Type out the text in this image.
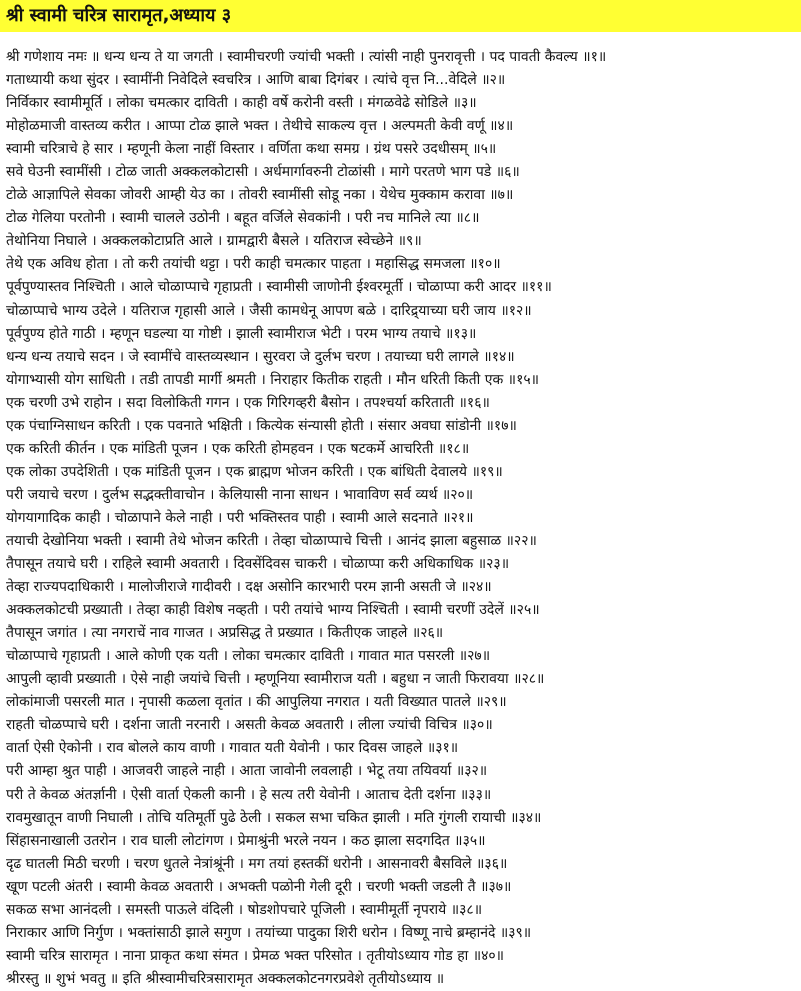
श्री स्वामी चरित्र सारामृत,अध्याय ३
श्री गणेशाय नमः ॥ धन्य धन्य ते या जगती । स्वामीचरणी ज्यांची भक्ती । त्यांसी नाही पुनरावृत्ती । पद पावती कैवल्य ॥१॥
गताध्यायी कथा सुंदर । स्वामींनी निवेदिले स्वचरित्र । आणि बाबा दिगंबर । त्यांचे वृत्त नि...वेदिले ॥२॥
निर्विकार स्वामीमूर्ति । लोका चमत्कार दाविती । काही वर्षे करोनी वस्ती । मंगळवेढे सोडिले ॥३॥
मोहोळमाजी वास्तव्य करीत । आप्पा टोळ झाले भक्त । तेथीचे साकल्य वृत्त । अल्पमती केवी वर्णू ॥४॥
स्वामी चरित्राचे हे सार । म्हणूनी केला नाहीं विस्तार । वर्णिता कथा समग्र । ग्रंथ पसरे उदधीसम् ॥५॥
सवे घेउनी स्वामींसी । टोळ जाती अक्कलकोटासी । अर्धमार्गावरुनी टोळांसी । मागे परतणे भाग पडे ॥६॥
टोळे आज्ञापिले सेवका जोवरी आम्ही येउ का । तोवरी स्वामींसी सोडू नका । येथेच मुक्काम करावा ॥७॥
टोळ गेलिया परतोनी । स्वामी चालले उठोनी । बहूत वर्जिले सेवकांनी । परी नच मानिले त्या ॥८॥
तेथोनिया निघाले । अक्कलकोटाप्रति आले । ग्रामद्वारी बैसले । यतिराज स्वेच्छेने ॥९॥
तेथे एक अविध होता । तो करी तयांची थट्टा । परी काही चमत्कार पाहता । महासिद्ध समजला ॥१०॥
पूर्वपुण्यास्तव निश्चिती । आले चोळाप्पाचे गृहाप्रती । स्वामीसी जाणोनी ईश्वरमूर्ती । चोळाप्पा करी आदर ॥११॥
चोळाप्पाचे भाग्य उदेले । यतिराज गृहासी आले । जैसी कामधेनू आपण बळे । दारिद्र्याच्या घरी जाय ॥१२॥
पूर्वपुण्य होते गाठी । म्हणून घडल्या या गोष्टी । झाली स्वामीराज भेटी । परम भाग्य तयाचे ॥१३॥
धन्य धन्य तयाचे सदन । जे स्वामींचे वास्तव्यस्थान । सुरवरा जे दुर्लभ चरण । तयाच्या घरी लागले ॥१४॥
योगाभ्यासी योग साधिती । तडी तापडी मार्गी श्रमती । निराहार कितीक राहती । मौन धरिती किती एक ॥१५॥
एक चरणी उभे राहोन । सदा विलोकिती गगन । एक गिरिगव्हरी बैसोन । तपश्चर्या करिताती ॥१६॥
एक पंचाग्निसाधन करिती । एक पवनाते भक्षिती । कित्येक संन्यासी होती । संसार अवघा सांडोनी ॥१७॥
एक करिती कीर्तन । एक मांडिती पूजन । एक करिती होमहवन । एक षटकर्मे आचरिती ॥१८॥
एक लोका उपदेशिती । एक मांडिती पूजन । एक ब्राह्मण भोजन करिती । एक बांधिती देवालये ॥१९॥
परी जयाचे चरण । दुर्लभ सद्भक्तीवाचोन । केलियासी नाना साधन । भावाविण सर्व व्यर्थ ॥२०॥
योगयागादिक काही । चोळापाने केले नाही । परी भक्तिस्तव पाही । स्वामी आले सदनाते ॥२१॥
तयाची देखोनिया भक्ती । स्वामी तेथे भोजन करिती । तेव्हा चोळाप्पाचे चित्ती । आनंद झाला बहुसाळ ॥२२॥
तैपासून तयाचे घरी । राहिले स्वामी अवतारी । दिवसेंदिवस चाकरी । चोळाप्पा करी अधिकाधिक ॥२३॥
तेव्हा राज्यपदाधिकारी । मालोजीराजे गादीवरी । दक्ष असोनि कारभारी परम ज्ञानी असती जे ॥२४॥
अक्कलकोटची प्रख्याती । तेव्हा काही विशेष नव्हती । परी तयांचे भाग्य निश्चिती । स्वामी चरणीं उदेलें ॥२५॥
तैपासून जगांत । त्या नगराचें नाव गाजत । अप्रसिद्ध ते प्रख्यात । कितीएक जाहले ॥२६॥
चोळाप्पाचे गृहाप्रती । आले कोणी एक यती । लोका चमत्कार दाविती । गावात मात पसरली ॥२७॥
आपुली व्हावी प्रख्याती । ऐसे नाही जयांचे चित्ती । म्हणूनिया स्वामीराज यती । बहुधा न जाती फिरावया ॥२८॥
लोकांमाजी पसरली मात । नृपासी कळला वृतांत । की आपुलिया नगरात । यती विख्यात पातले ॥२९॥
राहती चोळप्पाचे घरी । दर्शना जाती नरनारी । असती केवळ अवतारी । लीला ज्यांची विचित्र ॥३०॥
वार्ता ऐसी ऐकोनी । राव बोलले काय वाणी । गावात यती येवोनी । फार दिवस जाहले ॥३१॥
परी आम्हा श्रुत पाही । आजवरी जाहले नाही । आता जावोनी लवलाही । भेटू तया तयिवर्या ॥३२॥
परी ते केवळ अंतर्ज्ञानी । ऐसी वार्ता ऐकली कानी । हे सत्य तरी येवोनी । आताच देती दर्शना ॥३३॥
रावमुखातून वाणी निघाली । तोचि यतिमूर्ती पुढे ठेली । सकल सभा चकित झाली । मति गुंगली रायाची ॥३४॥
सिंहासनाखाली उतरोन । राव घाली लोटांगण । प्रेमाश्रुंनी भरले नयन । कठ झाला सदगदित ॥३५॥
दृढ घातली मिठी चरणी । चरण धुतले नेत्रांश्रूंनी । मग तयां हस्तकीं धरोनी । आसनावरी बैसविले ॥३६॥
खूण पटली अंतरी । स्वामी केवळ अवतारी । अभक्ती पळोनी गेली दूरी । चरणी भक्ती जडली तै ॥३७॥
सकळ सभा आनंदली । समस्ती पाऊले वंदिली । षोडशोपचारे पूजिली । स्वामीमूर्ती नृपराये ॥३८॥
निराकार आणि निर्गुण । भक्तांसाठी झाले सगुण । तयांच्या पादुका शिरी धरोन । विष्णू नाचे ब्रम्हानंदे ॥३९॥
स्वामी चरित्र सारामृत । नाना प्राकृत कथा संमत । प्रेमळ भक्त परिसोत । तृतीयोऽध्याय गोड हा ॥४०॥
श्रीरस्तु ॥ शुभं भवतु ॥ इति श्रीस्वामीचरित्रसारामृत अक्कलकोटनगरप्रवेशे तृतीयोऽध्याय ॥
